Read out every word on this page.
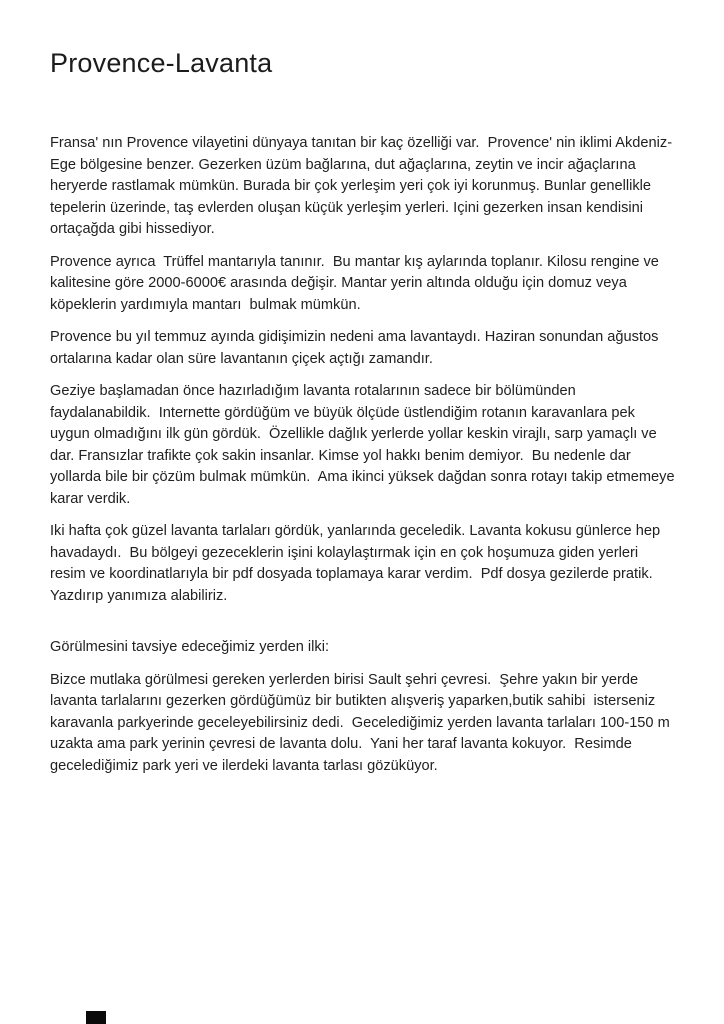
Provence-Lavanta

Fransa' nın Provence vilayetini dünyaya tanıtan bir kaç özelliği var.  Provence' nin iklimi Akdeniz-Ege bölgesine benzer. Gezerken üzüm bağlarına, dut ağaçlarına, zeytin ve incir ağaçlarına heryerde rastlamak mümkün. Burada bir çok yerleşim yeri çok iyi korunmuş. Bunlar genellikle tepelerin üzerinde, taş evlerden oluşan küçük yerleşim yerleri. Içini gezerken insan kendisini ortaçağda gibi hissediyor.

Provence ayrıca  Trüffel mantarıyla tanınır.  Bu mantar kış aylarında toplanır. Kilosu rengine ve kalitesine göre 2000-6000€ arasında değişir. Mantar yerin altında olduğu için domuz veya köpeklerin yardımıyla mantarı  bulmak mümkün.

Provence bu yıl temmuz ayında gidişimizin nedeni ama lavantaydı. Haziran sonundan ağustos ortalarına kadar olan süre lavantanın çiçek açtığı zamandır.

Geziye başlamadan önce hazırladığım lavanta rotalarının sadece bir bölümünden faydalanabildik.  Internette gördüğüm ve büyük ölçüde üstlendiğim rotanın karavanlara pek uygun olmadığını ilk gün gördük.  Özellikle dağlık yerlerde yollar keskin virajlı, sarp yamaçlı ve dar. Fransızlar trafikte çok sakin insanlar. Kimse yol hakkı benim demiyor.  Bu nedenle dar yollarda bile bir çözüm bulmak mümkün.  Ama ikinci yüksek dağdan sonra rotayı takip etmemeye karar verdik.

Iki hafta çok güzel lavanta tarlaları gördük, yanlarında geceledik. Lavanta kokusu günlerce hep havadaydı.  Bu bölgeyi gezeceklerin işini kolaylaştırmak için en çok hoşumuza giden yerleri resim ve koordinatlarıyla bir pdf dosyada toplamaya karar verdim.  Pdf dosya gezilerde pratik. Yazdırıp yanımıza alabiliriz.

Görülmesini tavsiye edeceğimiz yerden ilki:

Bizce mutlaka görülmesi gereken yerlerden birisi Sault şehri çevresi.  Şehre yakın bir yerde lavanta tarlalarını gezerken gördüğümüz bir butikten alışveriş yaparken,butik sahibi  isterseniz karavanla parkyerinde geceleyebilirsiniz dedi.  Gecelediğimiz yerden lavanta tarlaları 100-150 m uzakta ama park yerinin çevresi de lavanta dolu.  Yani her taraf lavanta kokuyor.  Resimde gecelediğimiz park yeri ve ilerdeki lavanta tarlası gözüküyor.
